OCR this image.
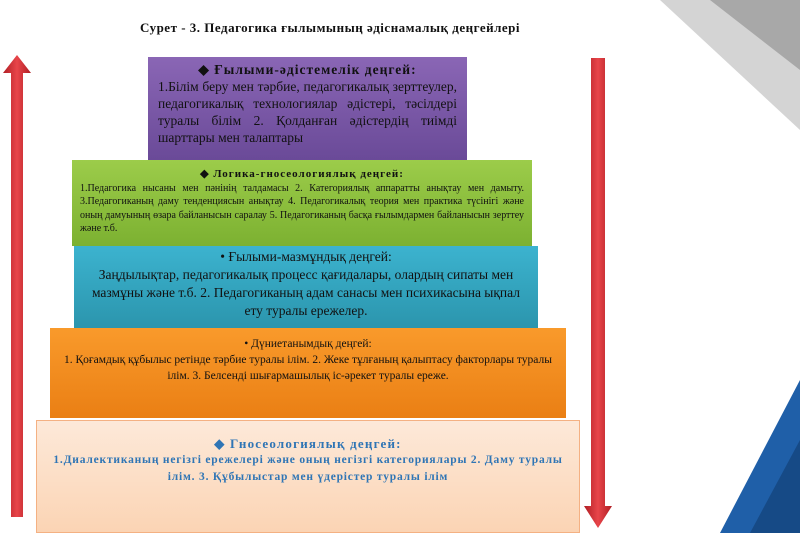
Сурет - 3. Педагогика ғылымының әдіснамалық деңгейлері
◆ Гносеологиялық деңгей:
1.Диалектиканың негізгі ережелері және оның негізгі категориялары 2. Даму туралы ілім. 3. Құбылыстар мен үдерістер туралы ілім
• Дүниетанымдық деңгей:
1. Қоғамдық құбылыс ретінде тәрбие туралы ілім. 2. Жеке тұлғаның қалыптасу факторлары туралы ілім. 3. Белсенді шығармашылық іс-әрекет туралы ереже.
• Ғылыми-мазмұндық деңгей:
Заңдылықтар, педагогикалық процесс қағидалары, олардың сипаты мен мазмұны және т.б. 2. Педагогиканың адам санасы мен психикасына ықпал ету туралы ережелер.
◆ Логика-гносеологиялық деңгей:
1.Педагогика нысаны мен пәнінің талдамасы 2. Категориялық аппаратты анықтау мен дамыту. 3.Педагогиканың даму тенденциясын анықтау 4. Педагогикалық теория мен практика түсінігі және оның дамуының өзара байланысын саралау 5. Педагогиканың басқа ғылымдармен байланысын зерттеу және т.б.
◆ Ғылыми-әдістемелік деңгей:
1.Білім беру мен тәрбие, педагогикалық зерттеулер, педагогикалық технологиялар әдістері, тәсілдері туралы білім 2. Қолданған әдістердің тиімді шарттары мен талаптары
